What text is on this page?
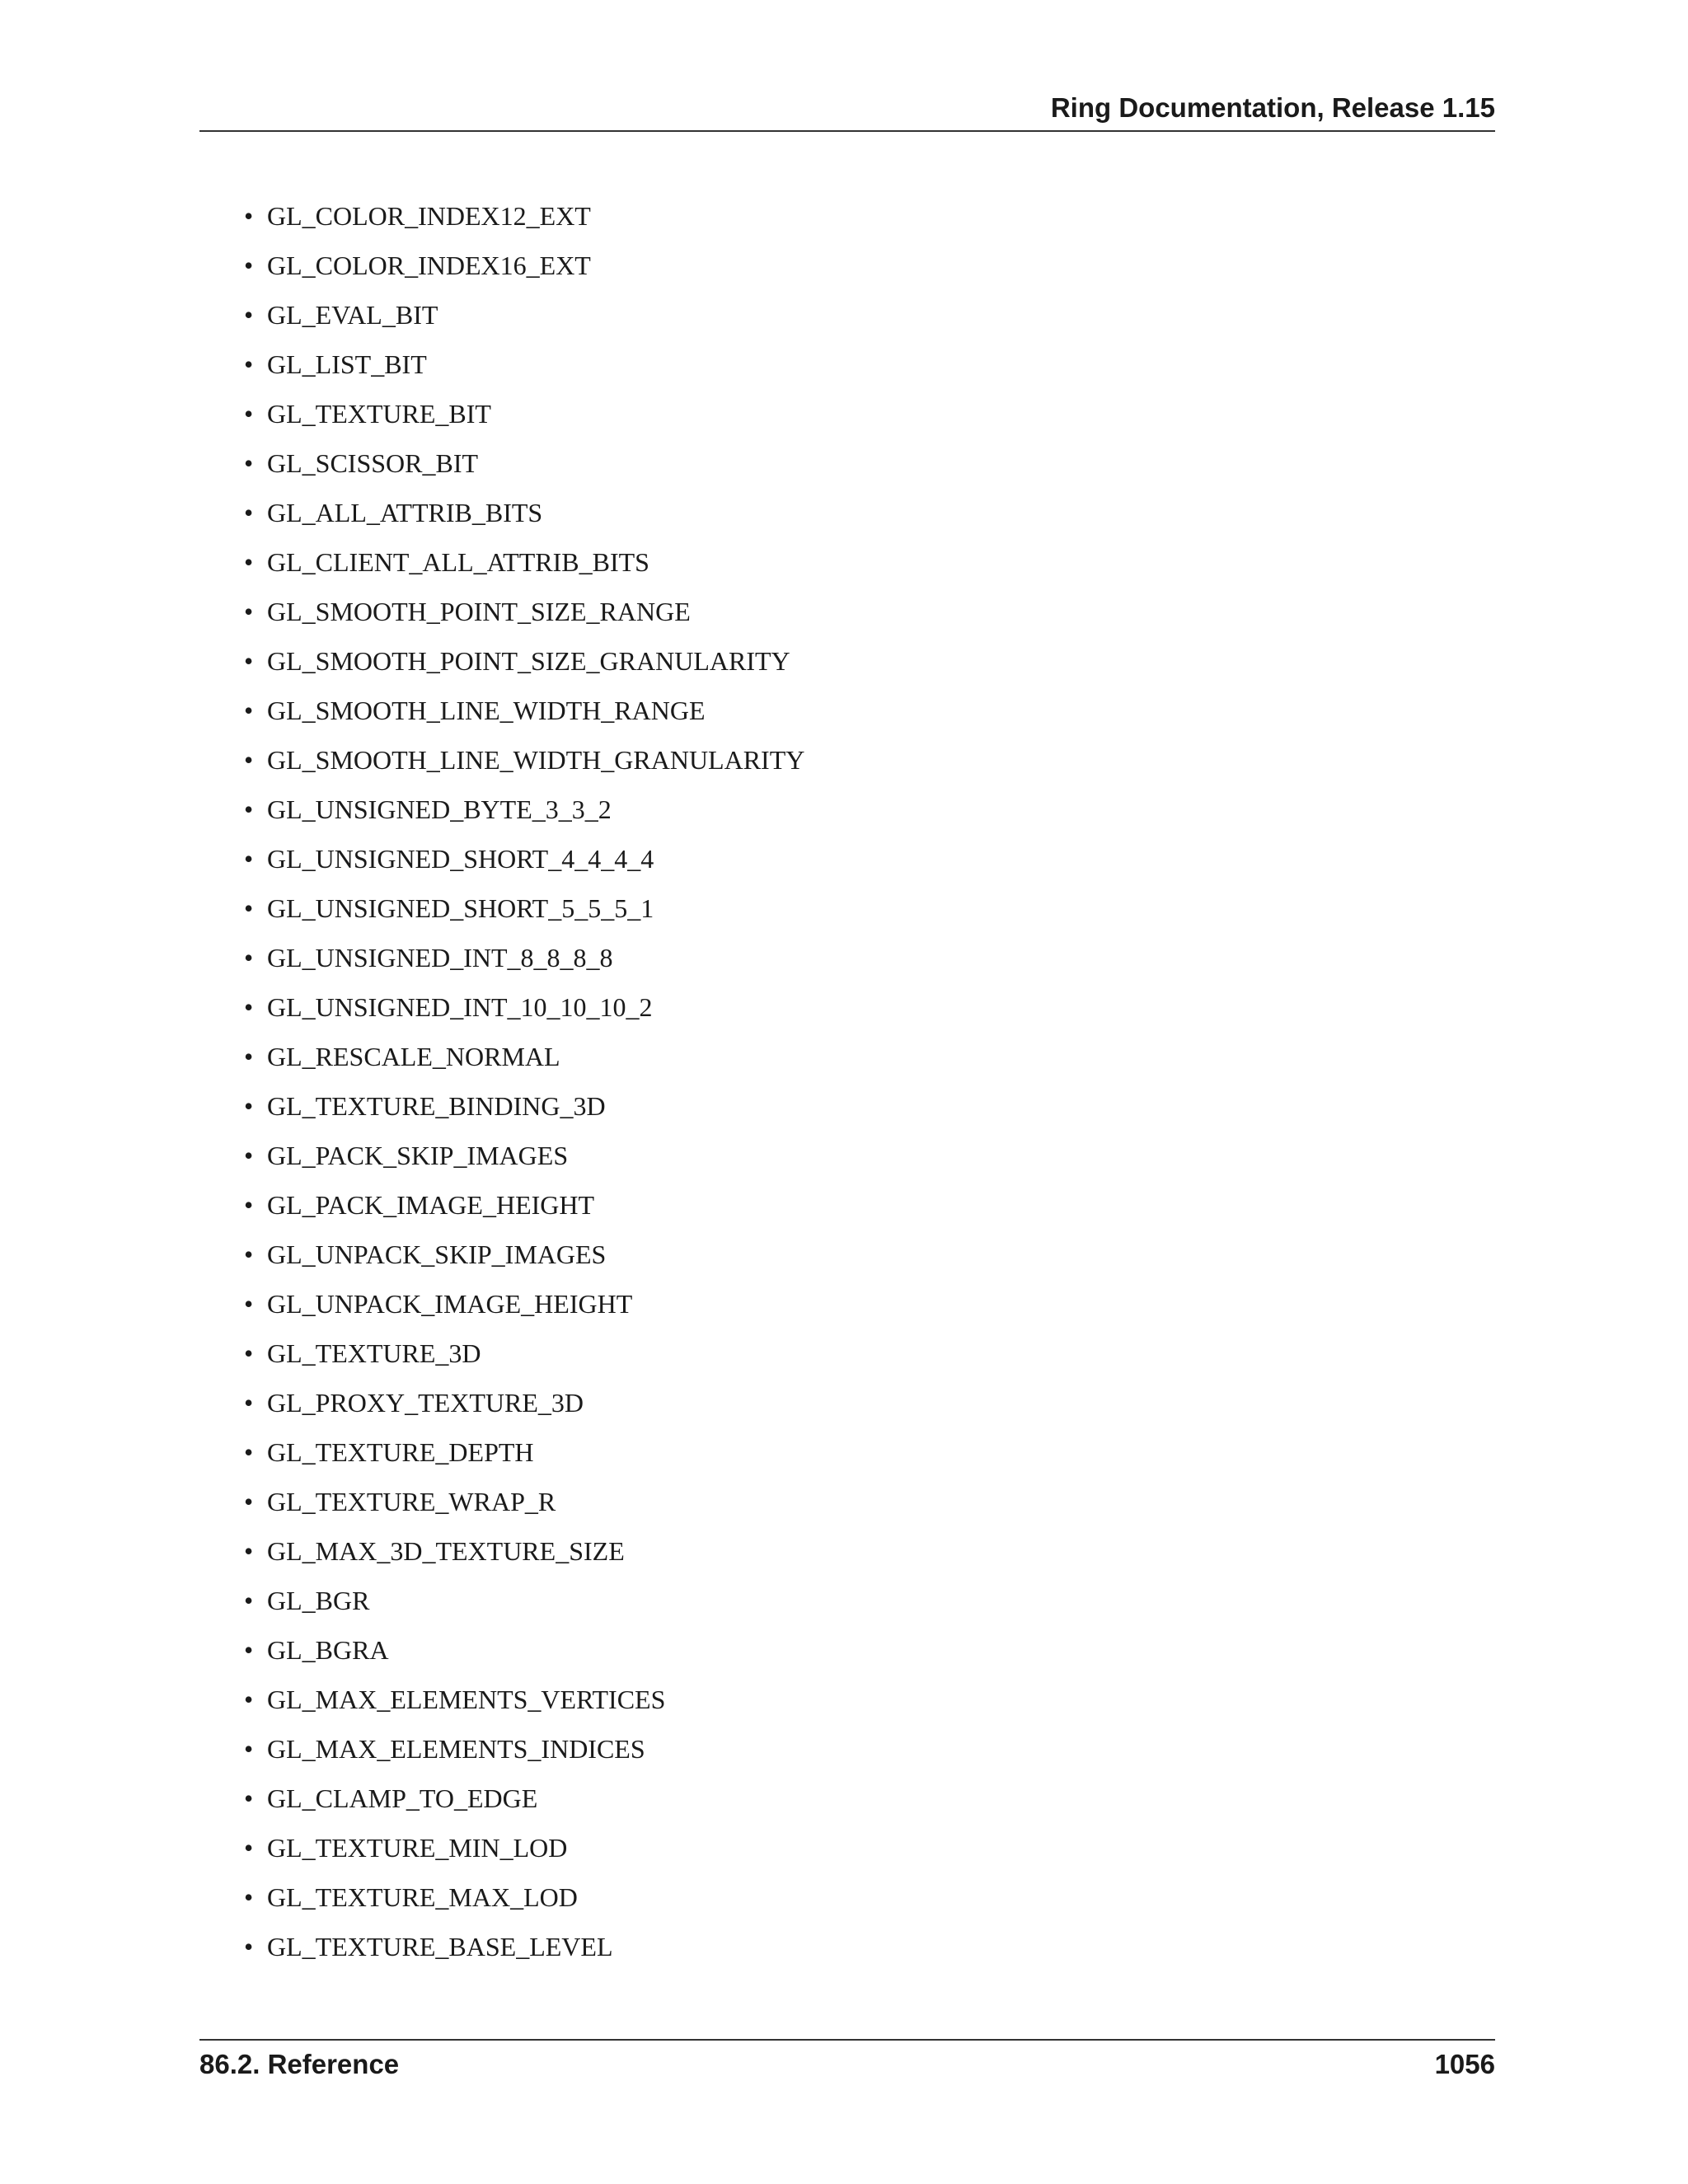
Ring Documentation, Release 1.15
• GL_COLOR_INDEX12_EXT
• GL_COLOR_INDEX16_EXT
• GL_EVAL_BIT
• GL_LIST_BIT
• GL_TEXTURE_BIT
• GL_SCISSOR_BIT
• GL_ALL_ATTRIB_BITS
• GL_CLIENT_ALL_ATTRIB_BITS
• GL_SMOOTH_POINT_SIZE_RANGE
• GL_SMOOTH_POINT_SIZE_GRANULARITY
• GL_SMOOTH_LINE_WIDTH_RANGE
• GL_SMOOTH_LINE_WIDTH_GRANULARITY
• GL_UNSIGNED_BYTE_3_3_2
• GL_UNSIGNED_SHORT_4_4_4_4
• GL_UNSIGNED_SHORT_5_5_5_1
• GL_UNSIGNED_INT_8_8_8_8
• GL_UNSIGNED_INT_10_10_10_2
• GL_RESCALE_NORMAL
• GL_TEXTURE_BINDING_3D
• GL_PACK_SKIP_IMAGES
• GL_PACK_IMAGE_HEIGHT
• GL_UNPACK_SKIP_IMAGES
• GL_UNPACK_IMAGE_HEIGHT
• GL_TEXTURE_3D
• GL_PROXY_TEXTURE_3D
• GL_TEXTURE_DEPTH
• GL_TEXTURE_WRAP_R
• GL_MAX_3D_TEXTURE_SIZE
• GL_BGR
• GL_BGRA
• GL_MAX_ELEMENTS_VERTICES
• GL_MAX_ELEMENTS_INDICES
• GL_CLAMP_TO_EDGE
• GL_TEXTURE_MIN_LOD
• GL_TEXTURE_MAX_LOD
• GL_TEXTURE_BASE_LEVEL
86.2. Reference	1056
